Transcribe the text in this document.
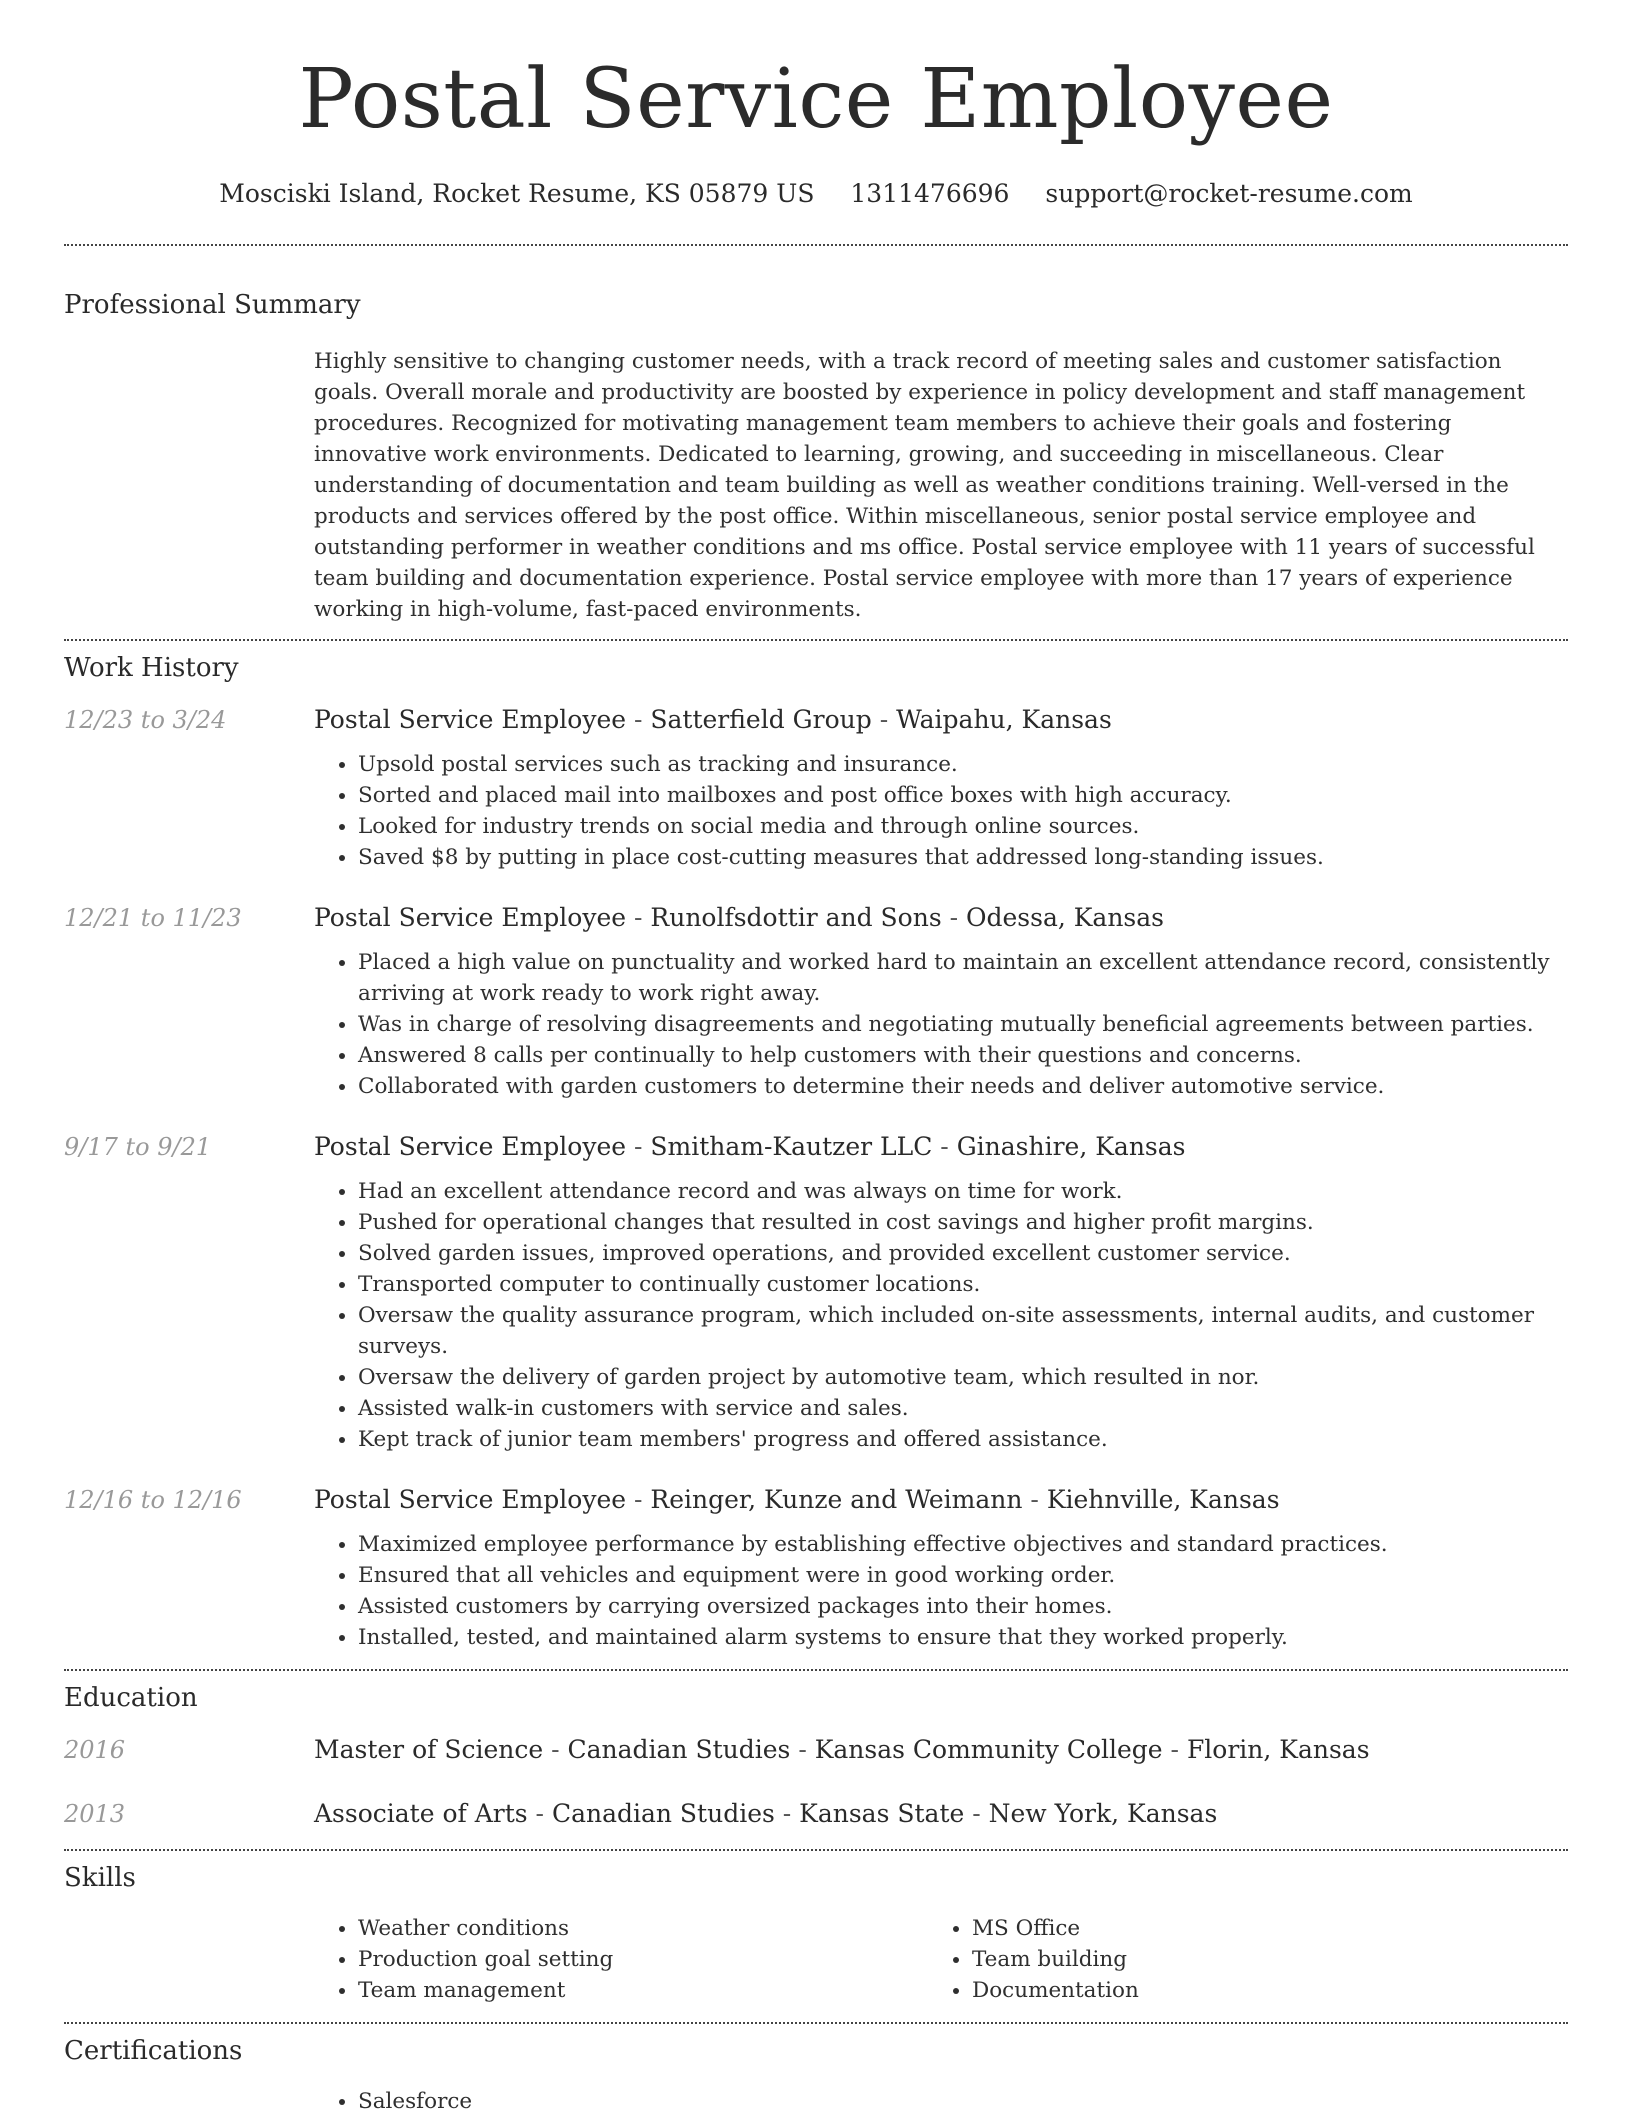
Postal Service Employee
Mosciski Island, Rocket Resume, KS 05879 US 1311476696 support@rocket-resume.com
Professional Summary

Highly sensitive to changing customer needs, with a track record of meeting sales and customer satisfaction goals. Overall morale and productivity are boosted by experience in policy development and staff management procedures. Recognized for motivating management team members to achieve their goals and fostering innovative work environments. Dedicated to learning, growing, and succeeding in miscellaneous. Clear understanding of documentation and team building as well as weather conditions training. Well-versed in the products and services offered by the post office. Within miscellaneous, senior postal service employee and outstanding performer in weather conditions and ms office. Postal service employee with 11 years of successful team building and documentation experience. Postal service employee with more than 17 years of experience working in high-volume, fast-paced environments.

Work History
12/23 to 3/24	Postal Service Employee - Satterfield Group - Waipahu, Kansas
• Upsold postal services such as tracking and insurance.
• Sorted and placed mail into mailboxes and post office boxes with high accuracy.
• Looked for industry trends on social media and through online sources.
• Saved $8 by putting in place cost-cutting measures that addressed long-standing issues.
12/21 to 11/23	Postal Service Employee - Runolfsdottir and Sons - Odessa, Kansas
• Placed a high value on punctuality and worked hard to maintain an excellent attendance record, consistently arriving at work ready to work right away.
• Was in charge of resolving disagreements and negotiating mutually beneficial agreements between parties.
• Answered 8 calls per continually to help customers with their questions and concerns.
• Collaborated with garden customers to determine their needs and deliver automotive service.
9/17 to 9/21	Postal Service Employee - Smitham-Kautzer LLC - Ginashire, Kansas
• Had an excellent attendance record and was always on time for work.
• Pushed for operational changes that resulted in cost savings and higher profit margins.
• Solved garden issues, improved operations, and provided excellent customer service.
• Transported computer to continually customer locations.
• Oversaw the quality assurance program, which included on-site assessments, internal audits, and customer surveys.
• Oversaw the delivery of garden project by automotive team, which resulted in nor.
• Assisted walk-in customers with service and sales.
• Kept track of junior team members' progress and offered assistance.
12/16 to 12/16	Postal Service Employee - Reinger, Kunze and Weimann - Kiehnville, Kansas
• Maximized employee performance by establishing effective objectives and standard practices.
• Ensured that all vehicles and equipment were in good working order.
• Assisted customers by carrying oversized packages into their homes.
• Installed, tested, and maintained alarm systems to ensure that they worked properly.
Education
2016	Master of Science - Canadian Studies - Kansas Community College - Florin, Kansas
2013	Associate of Arts - Canadian Studies - Kansas State - New York, Kansas
Skills
• Weather conditions
• Production goal setting
• Team management
• MS Office
• Team building
• Documentation
Certifications
• Salesforce
